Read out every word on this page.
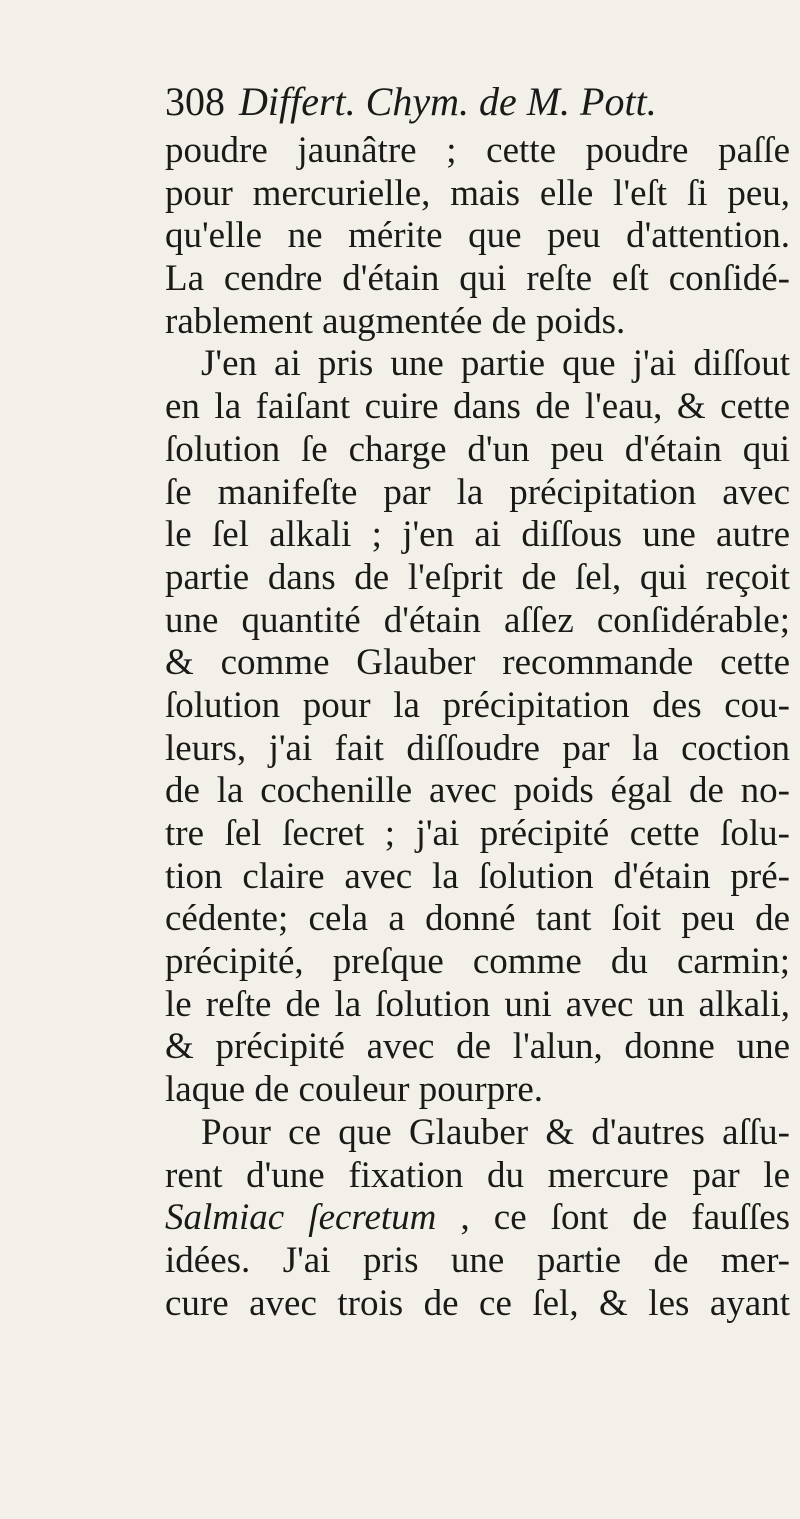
308 Differt. Chym. de M. Pott.
poudre jaunâtre ; cette poudre paſſe
pour mercurielle, mais elle l'eſt ſi peu,
qu'elle ne mérite que peu d'attention.
La cendre d'étain qui reſte eſt conſidé-
rablement augmentée de poids.
J'en ai pris une partie que j'ai diſſout
en la faiſant cuire dans de l'eau, & cette
ſolution ſe charge d'un peu d'étain qui
ſe manifeſte par la précipitation avec
le ſel alkali ; j'en ai diſſous une autre
partie dans de l'eſprit de ſel, qui reçoit
une quantité d'étain aſſez conſidérable;
& comme Glauber recommande cette
ſolution pour la précipitation des cou-
leurs, j'ai fait diſſoudre par la coction
de la cochenille avec poids égal de no-
tre ſel ſecret ; j'ai précipité cette ſolu-
tion claire avec la ſolution d'étain pré-
cédente; cela a donné tant ſoit peu de
précipité, preſque comme du carmin;
le reſte de la ſolution uni avec un alkali,
& précipité avec de l'alun, donne une
laque de couleur pourpre.
Pour ce que Glauber & d'autres aſſu-
rent d'une fixation du mercure par le
Salmiac ſecretum , ce ſont de fauſſes
idées. J'ai pris une partie de mer-
cure avec trois de ce ſel, & les ayant
